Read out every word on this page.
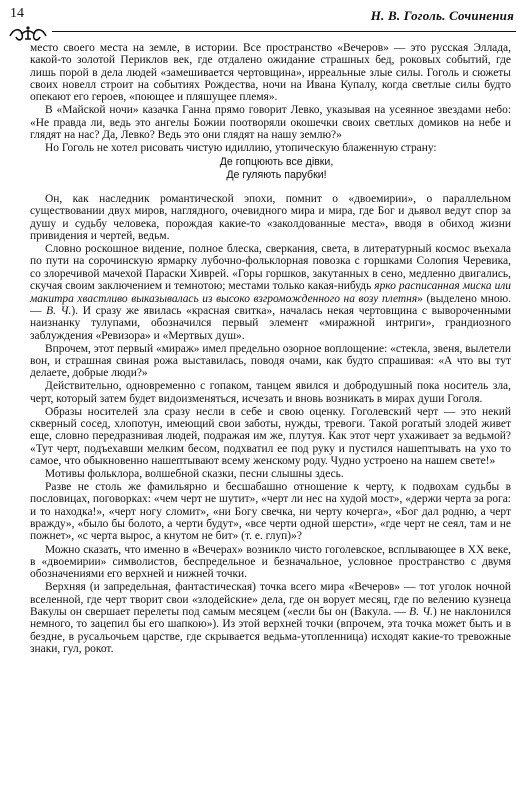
14	Н. В. Гоголь. Сочинения

место своего места на земле, в истории. Все пространство «Вечеров» — это русская Эллада, какой-то золотой Периклов век, где отдалено ожидание страшных бед, роковых событий, где лишь порой в дела людей «замешивается чертовщина», ирреальные злые силы. Гоголь и сюжеты своих новелл строит на событиях Рождества, ночи на Ивана Купалу, когда светлые силы будто опекают его героев, «поющее и пляшущее племя».

В «Майской ночи» казачка Ганна прямо говорит Левко, указывая на усеянное звездами небо: «Не правда ли, ведь это ангелы Божии поотворяли окошечки своих светлых домиков на небе и глядят на нас? Да, Левко? Ведь это они глядят на нашу землю?»

Но Гоголь не хотел рисовать чистую идиллию, утопическую блаженную страну:

Де гопцюють все дівки,
Де гуляють парубки!

Он, как наследник романтической эпохи, помнит о «двоемирии», о параллельном существовании двух миров, наглядного, очевидного мира и мира, где Бог и дьявол ведут спор за душу и судьбу человека, порождая какие-то «заколдованные места», вводя в обиход жизни привидения и чертей, ведьм.

Словно роскошное видение, полное блеска, сверкания, света, в литературный космос въехала по пути на сорочинскую ярмарку лубочно-фольклорная повозка с горшками Солопия Черевика, со злоречивой мачехой Параски Хиврей. «Горы горшков, закутанных в сено, медленно двигались, скучая своим заключением и темнотою; местами только какая-нибудь ярко расписанная миска или макитра хвастливо выказывалась из высоко взгроможденного на возу плетня» (выделено мною. — В. Ч.). И сразу же явилась «красная свитка», началась некая чертовщина с вывороченными наизнанку тулупами, обозначился первый элемент «миражной интриги», грандиозного заблуждения «Ревизора» и «Мертвых душ».

Впрочем, этот первый «мираж» имел предельно озорное воплощение: «стекла, звеня, вылетели вон, и страшная свиная рожа выставилась, поводя очами, как будто спрашивая: «А что вы тут делаете, добрые люди?»

Действительно, одновременно с гопаком, танцем явился и добродушный пока носитель зла, черт, который затем будет видоизменяться, исчезать и вновь возникать в мирах души Гоголя.

Образы носителей зла сразу несли в себе и свою оценку. Гоголевский черт — это некий скверный сосед, хлопотун, имеющий свои заботы, нужды, тревоги. Такой рогатый злодей живет еще, словно передразнивая людей, подражая им же, плутуя. Как этот черт ухаживает за ведьмой? «Тут черт, подъехавши мелким бесом, подхватил ее под руку и пустился нашептывать на ухо то самое, что обыкновенно нашептывают всему женскому роду. Чудно устроено на нашем свете!»

Мотивы фольклора, волшебной сказки, песни слышны здесь.

Разве не столь же фамильярно и бесшабашно отношение к черту, к подвохам судьбы в пословицах, поговорках: «чем черт не шутит», «черт ли нес на худой мост», «держи черта за рога: и то находка!», «черт ногу сломит», «ни Богу свечка, ни черту кочерга», «Бог дал родню, а черт вражду», «было бы болото, а черти будут», «все черти одной шерсти», «где черт не сеял, там и не пожнет», «с черта вырос, а кнутом не бит» (т. е. глуп)»?

Можно сказать, что именно в «Вечерах» возникло чисто гоголевское, всплывающее в XX веке, в «двоемирии» символистов, беспредельное и безначальное, условное пространство с двумя обозначениями его верхней и нижней точки.

Верхняя (и запредельная, фантастическая) точка всего мира «Вечеров» — тот уголок ночной вселенной, где черт творит свои «злодейские» дела, где он ворует месяц, где по велению кузнеца Вакулы он свершает перелеты под самым месяцем («если бы он (Вакула. — В. Ч.) не наклонился немного, то зацепил бы его шапкою»). Из этой верхней точки (впрочем, эта точка может быть и в бездне, в русальочьем царстве, где скрывается ведьма-утопленница) исходят какие-то тревожные знаки, гул, рокот.
